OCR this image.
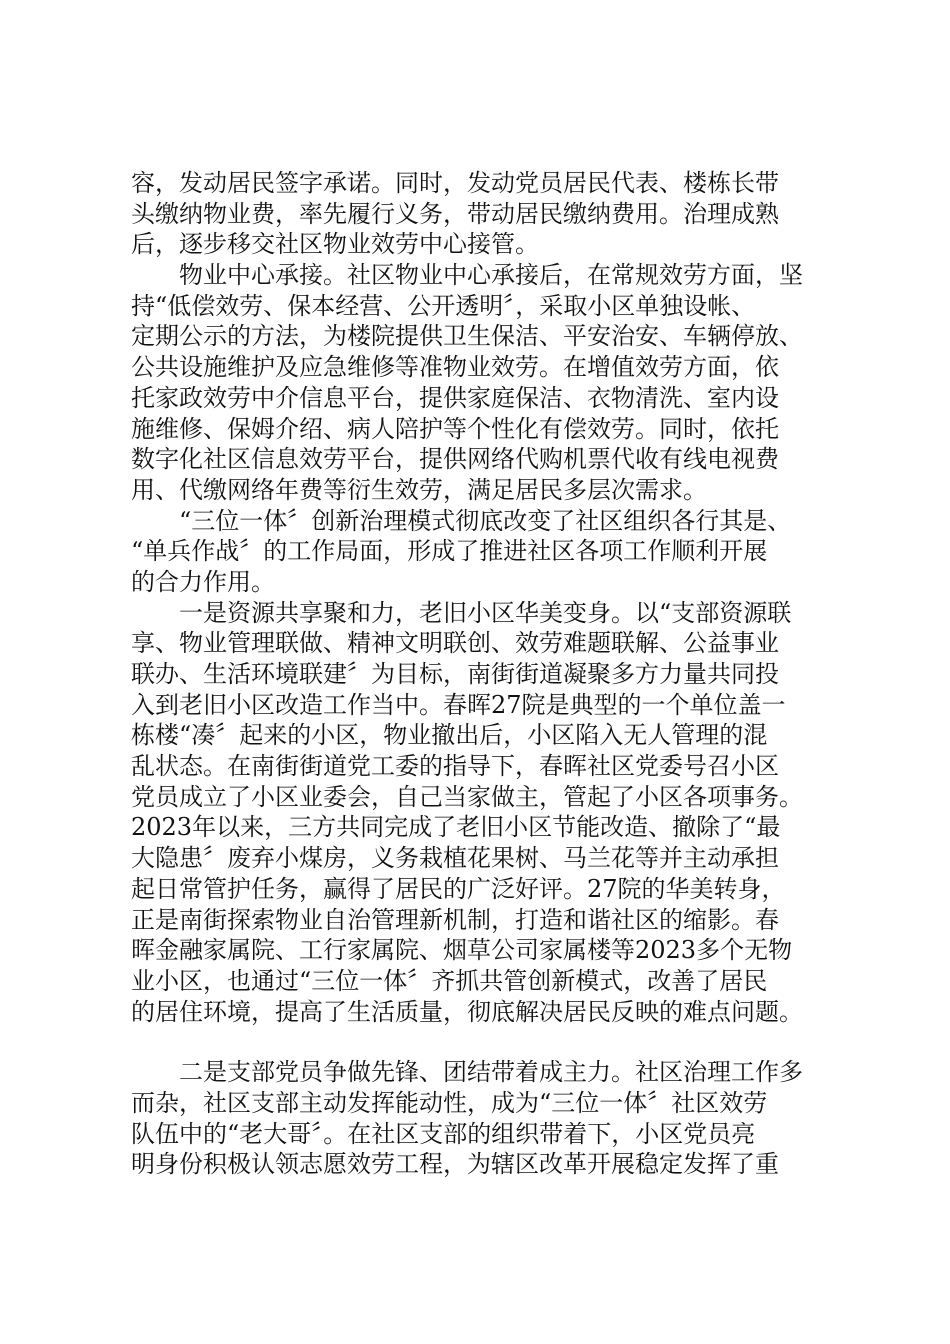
容，发动居民签字承诺。同时，发动党员居民代表、楼栋长带
头缴纳物业费，率先履行义务，带动居民缴纳费用。治理成熟
后，逐步移交社区物业效劳中心接管。
物业中心承接。社区物业中心承接后，在常规效劳方面，坚
持“低偿效劳、保本经营、公开透明〞，采取小区单独设帐、
定期公示的方法，为楼院提供卫生保洁、平安治安、车辆停放、
公共设施维护及应急维修等准物业效劳。在增值效劳方面，依
托家政效劳中介信息平台，提供家庭保洁、衣物清洗、室内设
施维修、保姆介绍、病人陪护等个性化有偿效劳。同时，依托
数字化社区信息效劳平台，提供网络代购机票代收有线电视费
用、代缴网络年费等衍生效劳，满足居民多层次需求。
“三位一体〞创新治理模式彻底改变了社区组织各行其是、
“单兵作战〞的工作局面，形成了推进社区各项工作顺利开展
的合力作用。
一是资源共享聚和力，老旧小区华美变身。以“支部资源联
享、物业管理联做、精神文明联创、效劳难题联解、公益事业
联办、生活环境联建〞为目标，南街街道凝聚多方力量共同投
入到老旧小区改造工作当中。春晖27院是典型的一个单位盖一
栋楼“凑〞起来的小区，物业撤出后，小区陷入无人管理的混
乱状态。在南街街道党工委的指导下，春晖社区党委号召小区
党员成立了小区业委会，自己当家做主，管起了小区各项事务。
2023年以来，三方共同完成了老旧小区节能改造、撤除了“最
大隐患〞废弃小煤房，义务栽植花果树、马兰花等并主动承担
起日常管护任务，赢得了居民的广泛好评。27院的华美转身，
正是南街探索物业自治管理新机制，打造和谐社区的缩影。春
晖金融家属院、工行家属院、烟草公司家属楼等2023多个无物
业小区，也通过“三位一体〞齐抓共管创新模式，改善了居民
的居住环境，提高了生活质量，彻底解决居民反映的难点问题。
二是支部党员争做先锋、团结带着成主力。社区治理工作多
而杂，社区支部主动发挥能动性，成为“三位一体〞社区效劳
队伍中的“老大哥〞。在社区支部的组织带着下，小区党员亮
明身份积极认领志愿效劳工程，为辖区改革开展稳定发挥了重
